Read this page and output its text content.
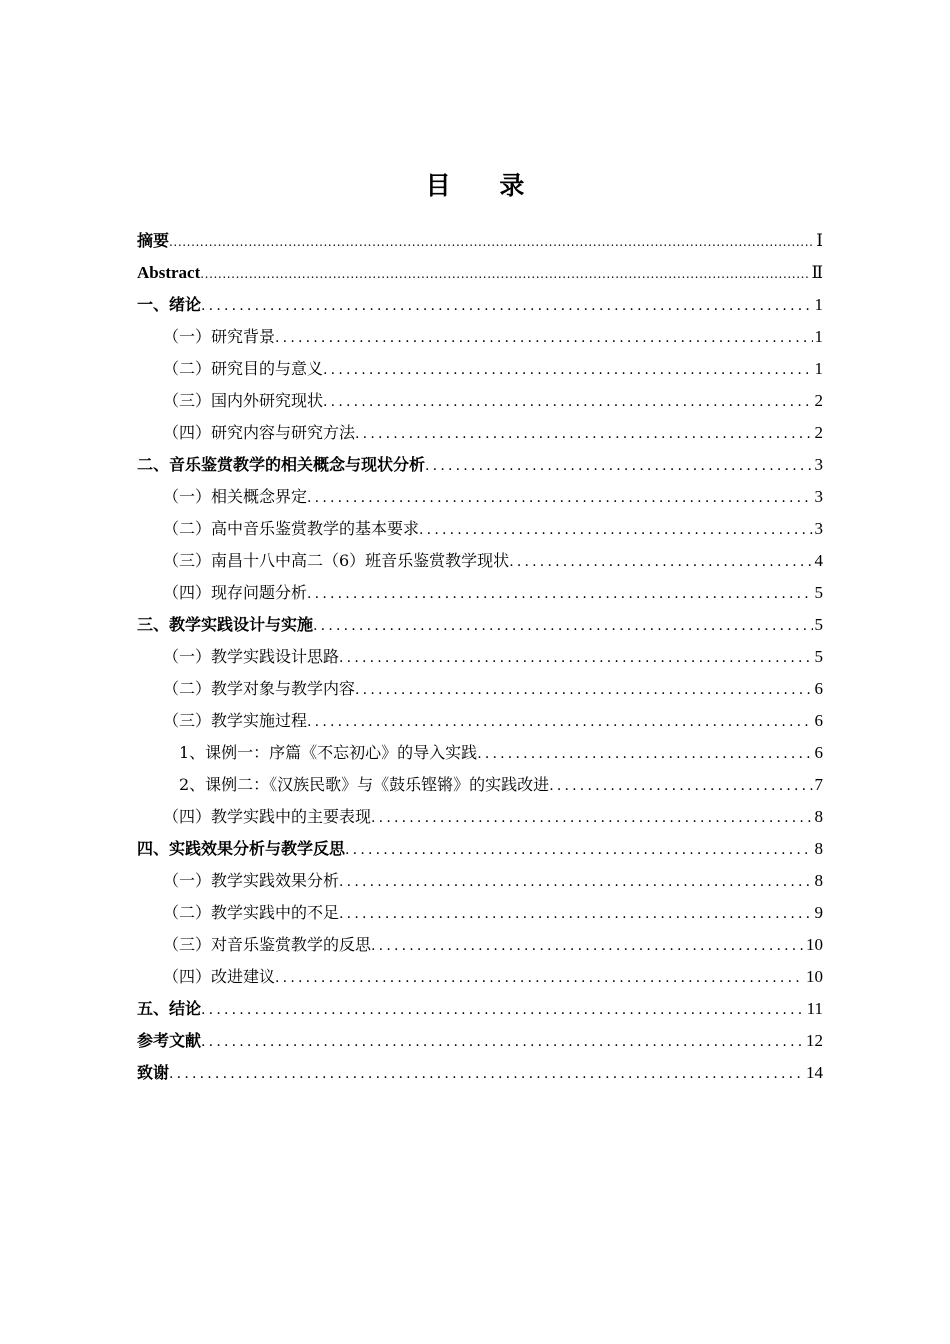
目 录
摘要 .....	Ⅰ
Abstract .....	Ⅱ
一、绪论 .....	1
（一）研究背景 .....	1
（二）研究目的与意义 .....	1
（三）国内外研究现状 .....	2
（四）研究内容与研究方法 .....	2
二、音乐鉴赏教学的相关概念与现状分析 .....	3
（一）相关概念界定 .....	3
（二）高中音乐鉴赏教学的基本要求 .....	3
（三）南昌十八中高二（6）班音乐鉴赏教学现状 .....	4
（四）现存问题分析 .....	5
三、教学实践设计与实施 .....	5
（一）教学实践设计思路 .....	5
（二）教学对象与教学内容 .....	6
（三）教学实施过程 .....	6
1、课例一：序篇《不忘初心》的导入实践 .....	6
2、课例二：《汉族民歌》与《鼓乐铿锵》的实践改进 .....	7
（四）教学实践中的主要表现 .....	8
四、实践效果分析与教学反思 .....	8
（一）教学实践效果分析 .....	8
（二）教学实践中的不足 .....	9
（三）对音乐鉴赏教学的反思 .....	10
（四）改进建议 .....	10
五、结论 .....	11
参考文献 .....	12
致谢 .....	14
